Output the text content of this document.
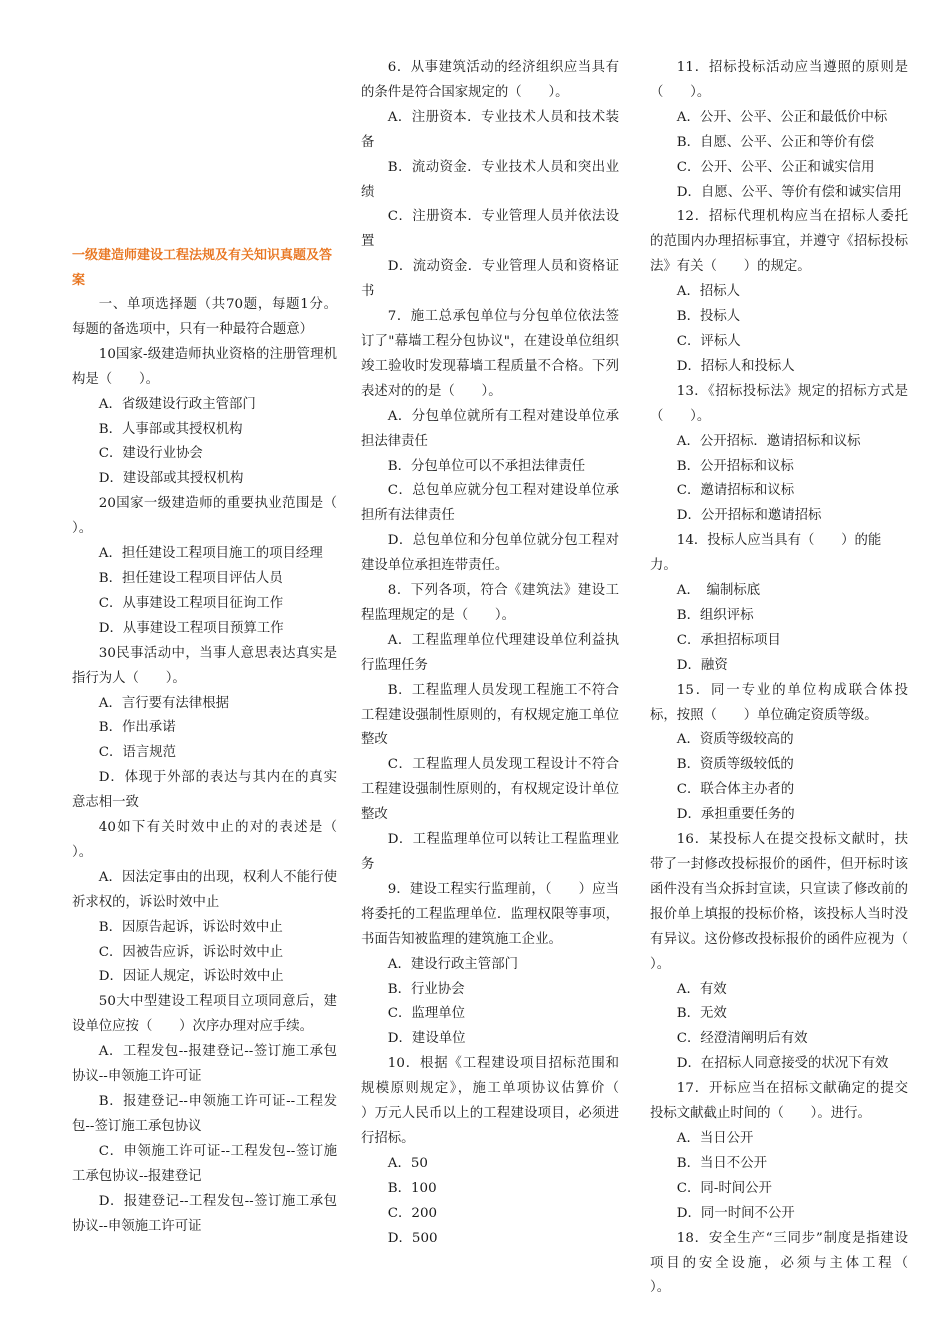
一级建造师建设工程法规及有关知识真题及答案

一、单项选择题（共70题，每题1分。每题的备选项中，只有一种最符合题意）

10国家-级建造师执业资格的注册管理机构是（　　）。

A．省级建设行政主管部门

B．人事部或其授权机构

C．建设行业协会

D．建设部或其授权机构

20国家一级建造师的重要执业范围是（　　）。

A．担任建设工程项目施工的项目经理

B．担任建设工程项目评估人员

C．从事建设工程项目征询工作

D．从事建设工程项目预算工作

30民事活动中，当事人意思表达真实是指行为人（　　）。

A．言行要有法律根据

B．作出承诺

C．语言规范

D．体现于外部的表达与其内在的真实意志相一致

40如下有关时效中止的对的表述是（　　）。

A．因法定事由的出现，权利人不能行使祈求权的，诉讼时效中止

B．因原告起诉，诉讼时效中止

C．因被告应诉，诉讼时效中止

D．因证人规定，诉讼时效中止

50大中型建设工程项目立项同意后，建设单位应按（　　）次序办理对应手续。

A．工程发包--报建登记--签订施工承包协议--申领施工许可证

B．报建登记--申领施工许可证--工程发包--签订施工承包协议

C．申领施工许可证--工程发包--签订施工承包协议--报建登记

D．报建登记--工程发包--签订施工承包协议--申领施工许可证

6．从事建筑活动的经济组织应当具有的条件是符合国家规定的（　　）。

A．注册资本．专业技术人员和技术装备

B．流动资金．专业技术人员和突出业绩

C．注册资本．专业管理人员并依法设置

D．流动资金．专业管理人员和资格证书

7．施工总承包单位与分包单位依法签订了"幕墙工程分包协议"，在建设单位组织竣工验收时发现幕墙工程质量不合格。下列表述对的的是（　　）。

A．分包单位就所有工程对建设单位承担法律责任

B．分包单位可以不承担法律责任

C．总包单应就分包工程对建设单位承担所有法律责任

D．总包单位和分包单位就分包工程对建设单位承担连带责任。

8．下列各项，符合《建筑法》建设工程监理规定的是（　　）。

A．工程监理单位代理建设单位利益执行监理任务

B．工程监理人员发现工程施工不符合工程建设强制性原则的，有权规定施工单位整改

C．工程监理人员发现工程设计不符合工程建设强制性原则的，有权规定设计单位整改

D．工程监理单位可以转让工程监理业务

9．建设工程实行监理前，（　　）应当将委托的工程监理单位．监理权限等事项，书面告知被监理的建筑施工企业。

A．建设行政主管部门

B．行业协会

C．监理单位

D．建设单位

10．根据《工程建设项目招标范围和规模原则规定》，施工单项协议估算价（　　）万元人民币以上的工程建设项目，必须进行招标。

A．50

B．100

C．200

D．500

11．招标投标活动应当遵照的原则是（　　）。

A．公开、公平、公正和最低价中标

B．自愿、公平、公正和等价有偿

C．公开、公平、公正和诚实信用

D．自愿、公平、等价有偿和诚实信用

12．招标代理机构应当在招标人委托的范围内办理招标事宜，并遵守《招标投标法》有关（　　）的规定。

A．招标人

B．投标人

C．评标人

D．招标人和投标人

13．《招标投标法》规定的招标方式是（　　）。

A．公开招标．邀请招标和议标

B．公开招标和议标

C．邀请招标和议标

D．公开招标和邀请招标

14．投标人应当具有（　　）的能力。

A．　编制标底

B．组织评标

C．承担招标项目

D．融资

15．同一专业的单位构成联合体投标，按照（　　）单位确定资质等级。

A．资质等级较高的

B．资质等级较低的

C．联合体主办者的

D．承担重要任务的

16．某投标人在提交投标文献时，扶带了一封修改投标报价的函件，但开标时该函件没有当众拆封宣读，只宣读了修改前的报价单上填报的投标价格，该投标人当时没有异议。这份修改投标报价的函件应视为（　　）。

A．有效

B．无效

C．经澄清阐明后有效

D．在招标人同意接受的状况下有效

17．开标应当在招标文献确定的提交投标文献截止时间的（　　）。进行。

A．当日公开

B．当日不公开

C．同-时间公开

D．同一时间不公开

18．安全生产“三同步”制度是指建设项目的安全设施，必须与主体工程（　　）。
